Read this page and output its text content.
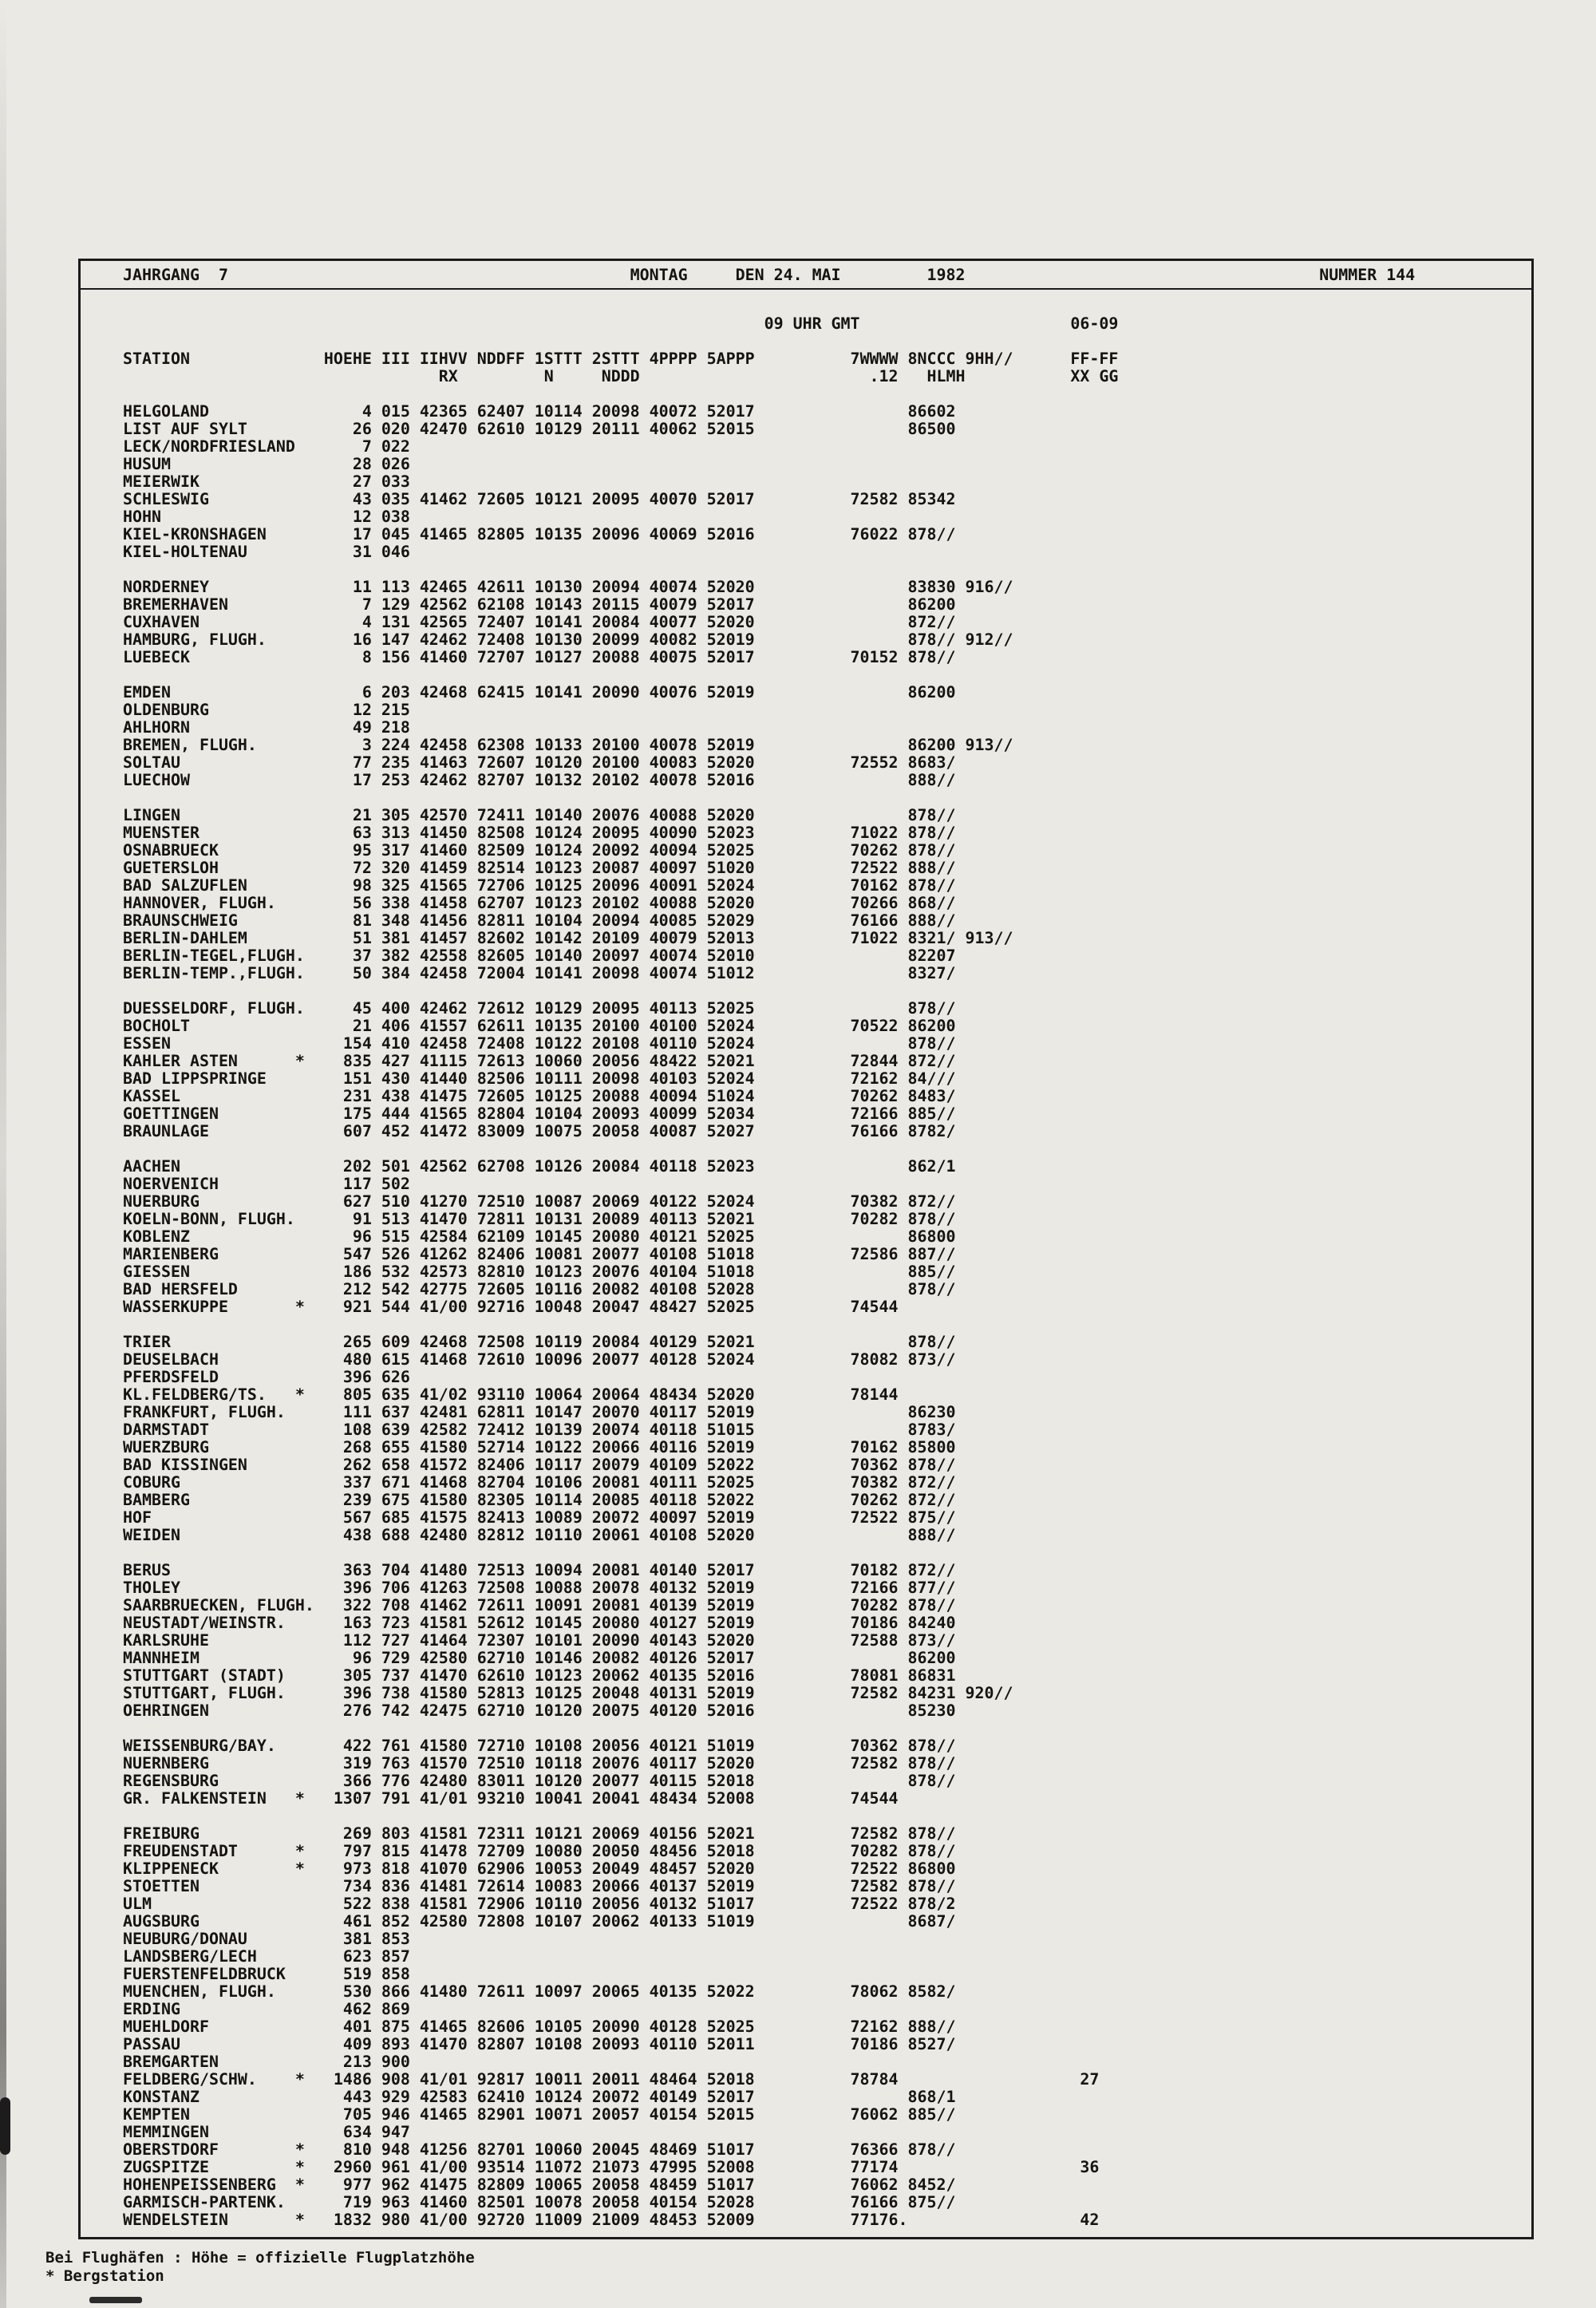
JAHRGANG  7                                          MONTAG     DEN 24. MAI         1982                                     NUMMER 144
09 UHR GMT                      06-09
STATION              HOEHE III IIHVV NDDFF 1STTT 2STTT 4PPPP 5APPP          7WWWW 8NCCC 9HH//      FF-FF
RX         N     NDDD                        .12   HLMH           XX GG
HELGOLAND                4 015 42365 62407 10114 20098 40072 52017                86602
LIST AUF SYLT           26 020 42470 62610 10129 20111 40062 52015                86500
LECK/NORDFRIESLAND       7 022
HUSUM                   28 026
MEIERWIK                27 033
SCHLESWIG               43 035 41462 72605 10121 20095 40070 52017          72582 85342
HOHN                    12 038
KIEL-KRONSHAGEN         17 045 41465 82805 10135 20096 40069 52016          76022 878//
KIEL-HOLTENAU           31 046
NORDERNEY               11 113 42465 42611 10130 20094 40074 52020                83830 916//
BREMERHAVEN              7 129 42562 62108 10143 20115 40079 52017                86200
CUXHAVEN                 4 131 42565 72407 10141 20084 40077 52020                872//
HAMBURG, FLUGH.         16 147 42462 72408 10130 20099 40082 52019                878// 912//
LUEBECK                  8 156 41460 72707 10127 20088 40075 52017          70152 878//
EMDEN                    6 203 42468 62415 10141 20090 40076 52019                86200
OLDENBURG               12 215
AHLHORN                 49 218
BREMEN, FLUGH.           3 224 42458 62308 10133 20100 40078 52019                86200 913//
SOLTAU                  77 235 41463 72607 10120 20100 40083 52020          72552 8683/
LUECHOW                 17 253 42462 82707 10132 20102 40078 52016                888//
LINGEN                  21 305 42570 72411 10140 20076 40088 52020                878//
MUENSTER                63 313 41450 82508 10124 20095 40090 52023          71022 878//
OSNABRUECK              95 317 41460 82509 10124 20092 40094 52025          70262 878//
GUETERSLOH              72 320 41459 82514 10123 20087 40097 51020          72522 888//
BAD SALZUFLEN           98 325 41565 72706 10125 20096 40091 52024          70162 878//
HANNOVER, FLUGH.        56 338 41458 62707 10123 20102 40088 52020          70266 868//
BRAUNSCHWEIG            81 348 41456 82811 10104 20094 40085 52029          76166 888//
BERLIN-DAHLEM           51 381 41457 82602 10142 20109 40079 52013          71022 8321/ 913//
BERLIN-TEGEL,FLUGH.     37 382 42558 82605 10140 20097 40074 52010                82207
BERLIN-TEMP.,FLUGH.     50 384 42458 72004 10141 20098 40074 51012                8327/
DUESSELDORF, FLUGH.     45 400 42462 72612 10129 20095 40113 52025                878//
BOCHOLT                 21 406 41557 62611 10135 20100 40100 52024          70522 86200
ESSEN                  154 410 42458 72408 10122 20108 40110 52024                878//
KAHLER ASTEN      *    835 427 41115 72613 10060 20056 48422 52021          72844 872//
BAD LIPPSPRINGE        151 430 41440 82506 10111 20098 40103 52024          72162 84///
KASSEL                 231 438 41475 72605 10125 20088 40094 51024          70262 8483/
GOETTINGEN             175 444 41565 82804 10104 20093 40099 52034          72166 885//
BRAUNLAGE              607 452 41472 83009 10075 20058 40087 52027          76166 8782/
AACHEN                 202 501 42562 62708 10126 20084 40118 52023                862/1
NOERVENICH             117 502
NUERBURG               627 510 41270 72510 10087 20069 40122 52024          70382 872//
KOELN-BONN, FLUGH.      91 513 41470 72811 10131 20089 40113 52021          70282 878//
KOBLENZ                 96 515 42584 62109 10145 20080 40121 52025                86800
MARIENBERG             547 526 41262 82406 10081 20077 40108 51018          72586 887//
GIESSEN                186 532 42573 82810 10123 20076 40104 51018                885//
BAD HERSFELD           212 542 42775 72605 10116 20082 40108 52028                878//
WASSERKUPPE       *    921 544 41/00 92716 10048 20047 48427 52025          74544
TRIER                  265 609 42468 72508 10119 20084 40129 52021                878//
DEUSELBACH             480 615 41468 72610 10096 20077 40128 52024          78082 873//
PFERDSFELD             396 626
KL.FELDBERG/TS.   *    805 635 41/02 93110 10064 20064 48434 52020          78144
FRANKFURT, FLUGH.      111 637 42481 62811 10147 20070 40117 52019                86230
DARMSTADT              108 639 42582 72412 10139 20074 40118 51015                8783/
WUERZBURG              268 655 41580 52714 10122 20066 40116 52019          70162 85800
BAD KISSINGEN          262 658 41572 82406 10117 20079 40109 52022          70362 878//
COBURG                 337 671 41468 82704 10106 20081 40111 52025          70382 872//
BAMBERG                239 675 41580 82305 10114 20085 40118 52022          70262 872//
HOF                    567 685 41575 82413 10089 20072 40097 52019          72522 875//
WEIDEN                 438 688 42480 82812 10110 20061 40108 52020                888//
BERUS                  363 704 41480 72513 10094 20081 40140 52017          70182 872//
THOLEY                 396 706 41263 72508 10088 20078 40132 52019          72166 877//
SAARBRUECKEN, FLUGH.   322 708 41462 72611 10091 20081 40139 52019          70282 878//
NEUSTADT/WEINSTR.      163 723 41581 52612 10145 20080 40127 52019          70186 84240
KARLSRUHE              112 727 41464 72307 10101 20090 40143 52020          72588 873//
MANNHEIM                96 729 42580 62710 10146 20082 40126 52017                86200
STUTTGART (STADT)      305 737 41470 62610 10123 20062 40135 52016          78081 86831
STUTTGART, FLUGH.      396 738 41580 52813 10125 20048 40131 52019          72582 84231 920//
OEHRINGEN              276 742 42475 62710 10120 20075 40120 52016                85230
WEISSENBURG/BAY.       422 761 41580 72710 10108 20056 40121 51019          70362 878//
NUERNBERG              319 763 41570 72510 10118 20076 40117 52020          72582 878//
REGENSBURG             366 776 42480 83011 10120 20077 40115 52018                878//
GR. FALKENSTEIN   *   1307 791 41/01 93210 10041 20041 48434 52008          74544
FREIBURG               269 803 41581 72311 10121 20069 40156 52021          72582 878//
FREUDENSTADT      *    797 815 41478 72709 10080 20050 48456 52018          70282 878//
KLIPPENECK        *    973 818 41070 62906 10053 20049 48457 52020          72522 86800
STOETTEN               734 836 41481 72614 10083 20066 40137 52019          72582 878//
ULM                    522 838 41581 72906 10110 20056 40132 51017          72522 878/2
AUGSBURG               461 852 42580 72808 10107 20062 40133 51019                8687/
NEUBURG/DONAU          381 853
LANDSBERG/LECH         623 857
FUERSTENFELDBRUCK      519 858
MUENCHEN, FLUGH.       530 866 41480 72611 10097 20065 40135 52022          78062 8582/
ERDING                 462 869
MUEHLDORF              401 875 41465 82606 10105 20090 40128 52025          72162 888//
PASSAU                 409 893 41470 82807 10108 20093 40110 52011          70186 8527/
BREMGARTEN             213 900
FELDBERG/SCHW.    *   1486 908 41/01 92817 10011 20011 48464 52018          78784                   27
KONSTANZ               443 929 42583 62410 10124 20072 40149 52017                868/1
KEMPTEN                705 946 41465 82901 10071 20057 40154 52015          76062 885//
MEMMINGEN              634 947
OBERSTDORF        *    810 948 41256 82701 10060 20045 48469 51017          76366 878//
ZUGSPITZE         *   2960 961 41/00 93514 11072 21073 47995 52008          77174                   36
HOHENPEISSENBERG  *    977 962 41475 82809 10065 20058 48459 51017          76062 8452/
GARMISCH-PARTENK.      719 963 41460 82501 10078 20058 40154 52028          76166 875//
WENDELSTEIN       *   1832 980 41/00 92720 11009 21009 48453 52009          77176.                  42
Bei Flughäfen : Höhe = offizielle Flugplatzhöhe
* Bergstation
